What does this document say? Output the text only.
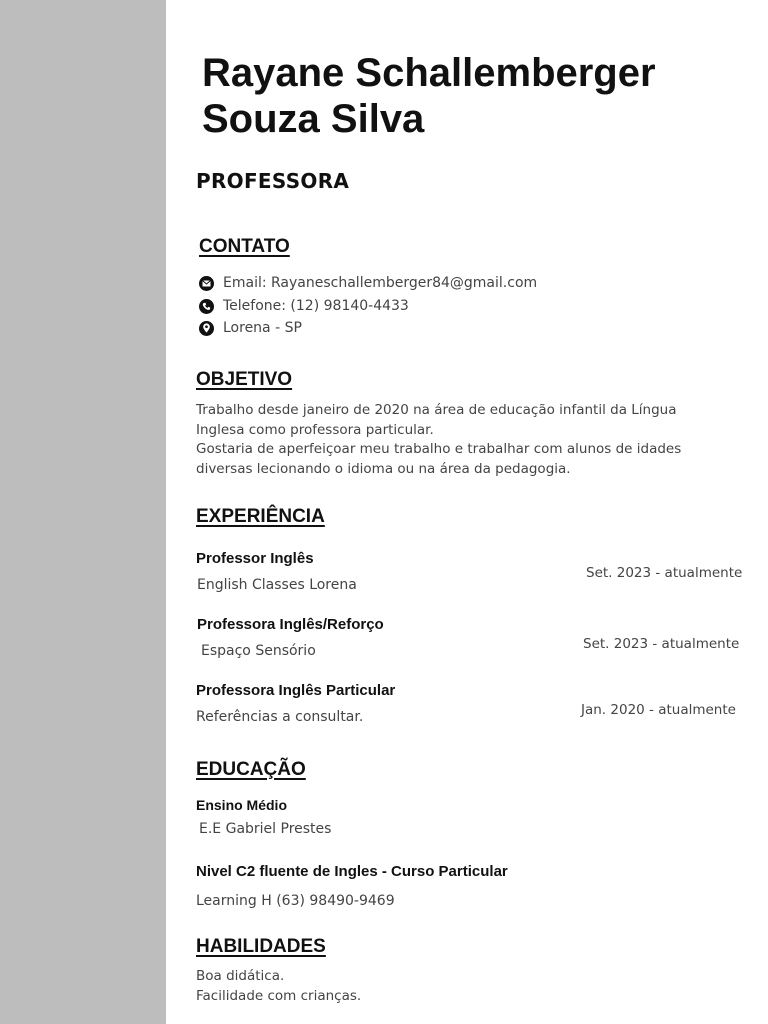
Rayane Schallemberger Souza Silva
PROFESSORA
CONTATO
Email: Rayaneschallemberger84@gmail.com
Telefone: (12) 98140-4433
Lorena - SP
OBJETIVO
Trabalho desde janeiro de 2020 na área de educação infantil da Língua
Inglesa como professora particular.
Gostaria de aperfeiçoar meu trabalho e trabalhar com alunos de idades
diversas lecionando o idioma ou na área da pedagogia.
EXPERIÊNCIA
Professor Inglês
English Classes Lorena
Set. 2023 - atualmente
Professora Inglês/Reforço
Espaço Sensório	Set. 2023 - atualmente
Professora Inglês Particular
Referências a consultar.	Jan. 2020 - atualmente
EDUCAÇÃO
Ensino Médio
E.E Gabriel Prestes
Nivel C2 fluente de Ingles - Curso Particular
Learning H (63) 98490-9469
HABILIDADES
Boa didática.
Facilidade com crianças.
